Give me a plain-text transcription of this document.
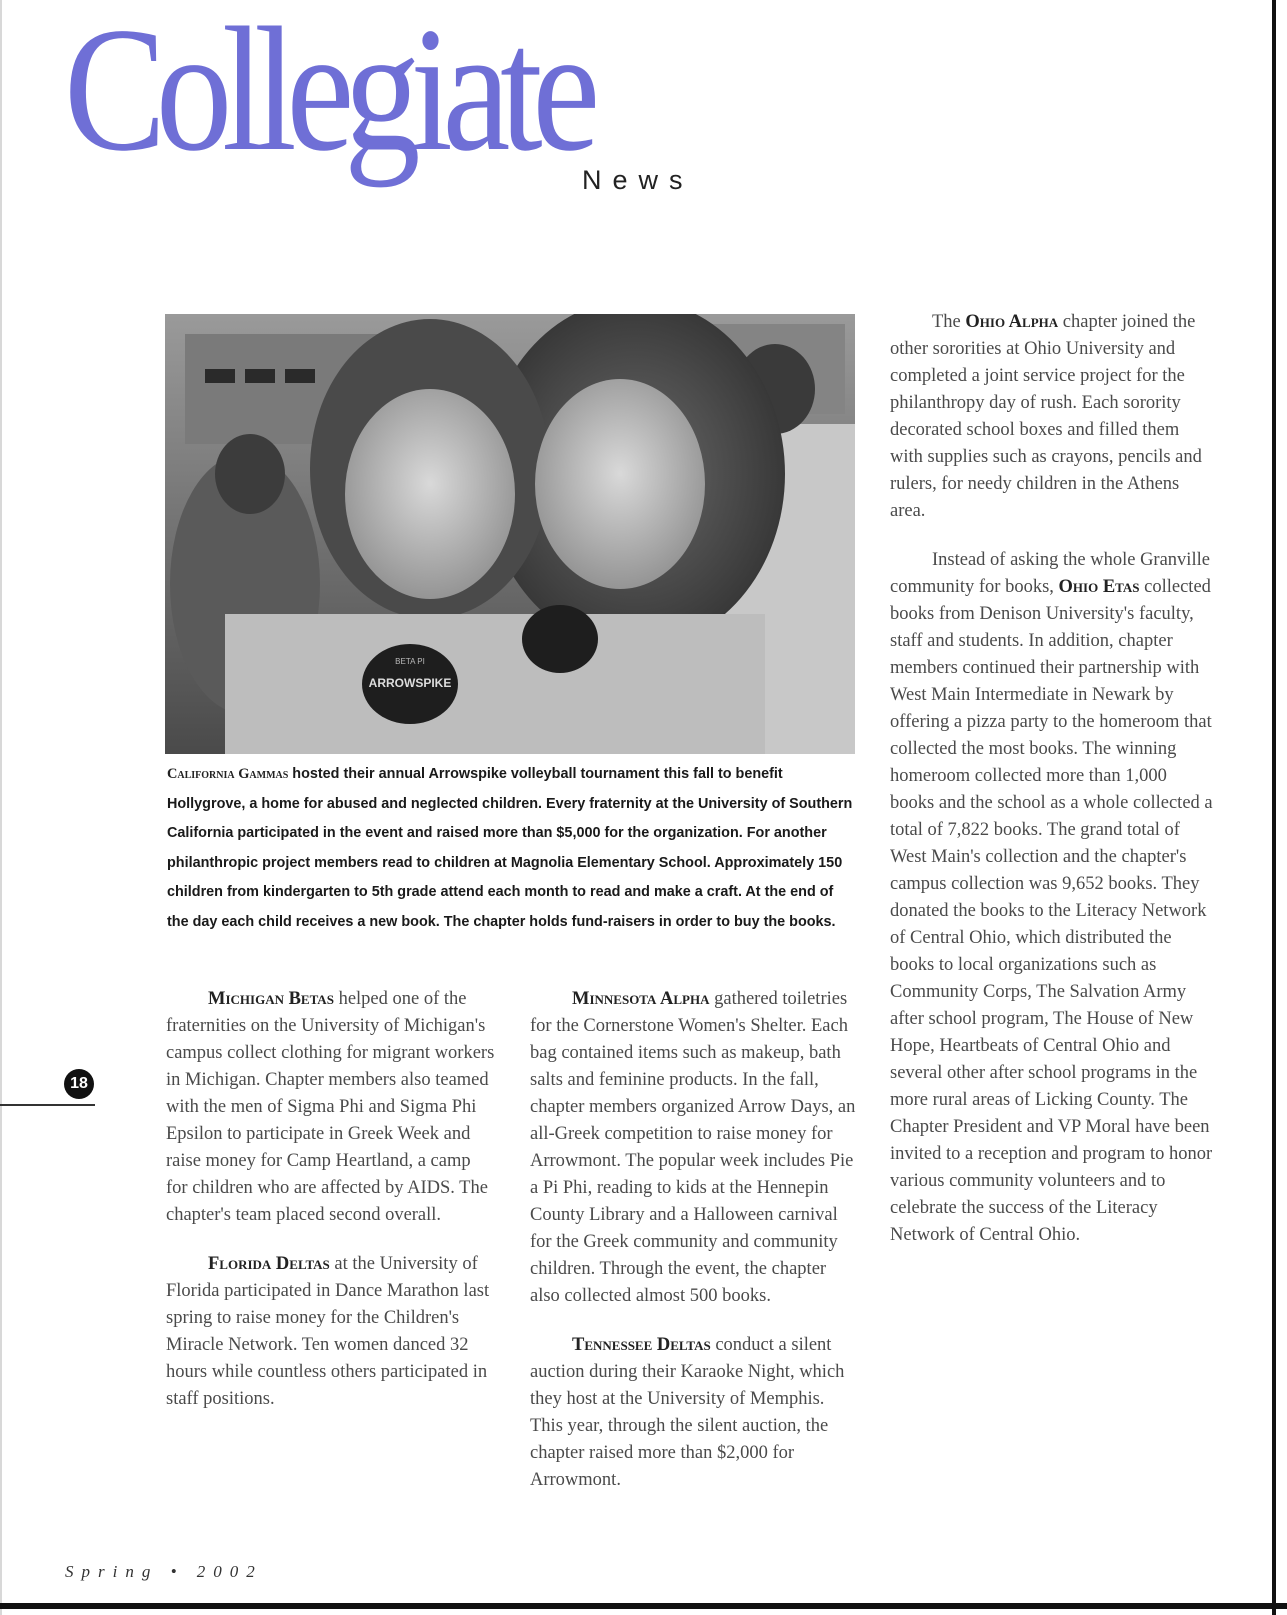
Collegiate
News
ARROWSPIKE
BETA PI

California Gammas hosted their annual Arrowspike volleyball tournament this fall to benefit Hollygrove, a home for abused and neglected children. Every fraternity at the University of Southern California participated in the event and raised more than $5,000 for the organization. For another philanthropic project members read to children at Magnolia Elementary School. Approximately 150 children from kindergarten to 5th grade attend each month to read and make a craft. At the end of the day each child receives a new book. The chapter holds fund-raisers in order to buy the books.

Michigan Betas helped one of the fraternities on the University of Michigan's campus collect clothing for migrant workers in Michigan. Chapter members also teamed with the men of Sigma Phi and Sigma Phi Epsilon to participate in Greek Week and raise money for Camp Heartland, a camp for children who are affected by AIDS. The chapter's team placed second overall.

Florida Deltas at the University of Florida participated in Dance Marathon last spring to raise money for the Children's Miracle Network. Ten women danced 32 hours while countless others participated in staff positions.

Minnesota Alpha gathered toiletries for the Cornerstone Women's Shelter. Each bag contained items such as makeup, bath salts and feminine products. In the fall, chapter members organized Arrow Days, an all-Greek competition to raise money for Arrowmont. The popular week includes Pie a Pi Phi, reading to kids at the Hennepin County Library and a Halloween carnival for the Greek community and community children. Through the event, the chapter also collected almost 500 books.

Tennessee Deltas conduct a silent auction during their Karaoke Night, which they host at the University of Memphis. This year, through the silent auction, the chapter raised more than $2,000 for Arrowmont.

The Ohio Alpha chapter joined the other sororities at Ohio University and completed a joint service project for the philanthropy day of rush. Each sorority decorated school boxes and filled them with supplies such as crayons, pencils and rulers, for needy children in the Athens area.

Instead of asking the whole Granville community for books, Ohio Etas collected books from Denison University's faculty, staff and students. In addition, chapter members continued their partnership with West Main Intermediate in Newark by offering a pizza party to the homeroom that collected the most books. The winning homeroom collected more than 1,000 books and the school as a whole collected a total of 7,822 books. The grand total of West Main's collection and the chapter's campus collection was 9,652 books. They donated the books to the Literacy Network of Central Ohio, which distributed the books to local organizations such as Community Corps, The Salvation Army after school program, The House of New Hope, Heartbeats of Central Ohio and several other after school programs in the more rural areas of Licking County. The Chapter President and VP Moral have been invited to a reception and program to honor various community volunteers and to celebrate the success of the Literacy Network of Central Ohio.

18
Spring • 2002
